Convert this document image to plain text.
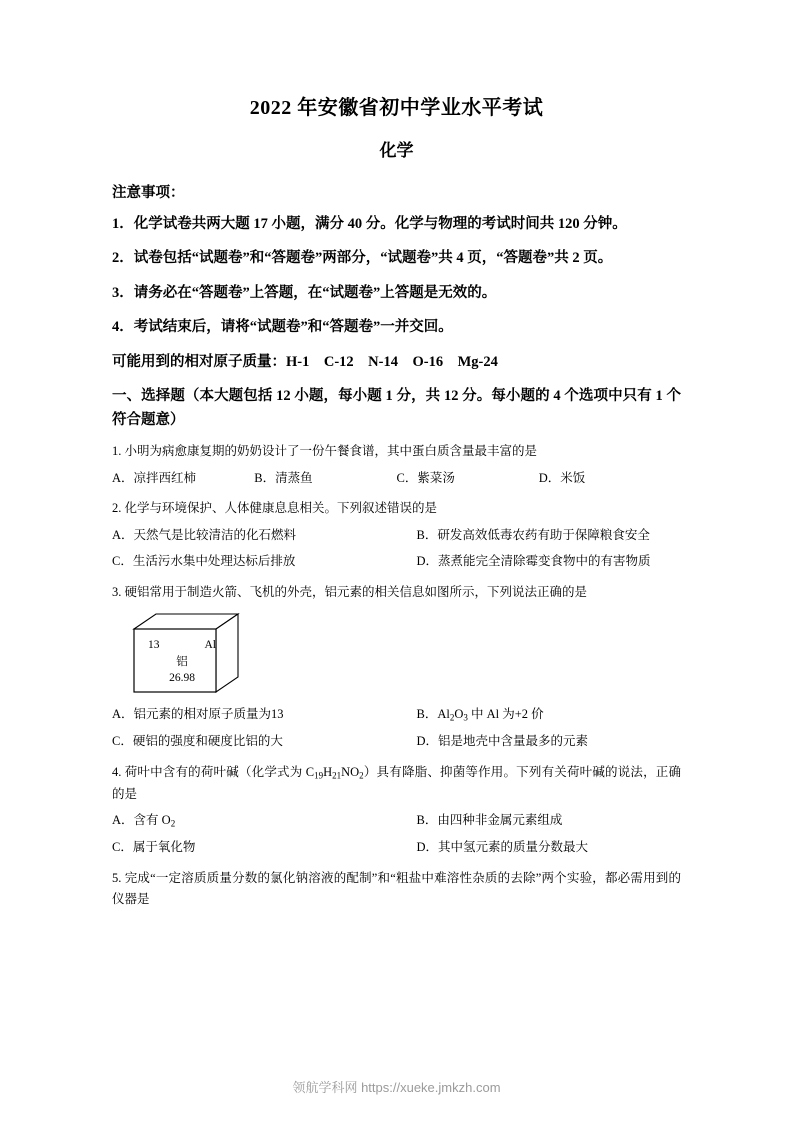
2022 年安徽省初中学业水平考试
化学
注意事项：
1．化学试卷共两大题 17 小题，满分 40 分。化学与物理的考试时间共 120 分钟。
2．试卷包括“试题卷”和“答题卷”两部分，“试题卷”共 4 页，“答题卷”共 2 页。
3．请务必在“答题卷”上答题，在“试题卷”上答题是无效的。
4．考试结束后，请将“试题卷”和“答题卷”一并交回。
可能用到的相对原子质量：H-1　C-12　N-14　O-16　Mg-24
一、选择题（本大题包括 12 小题，每小题 1 分，共 12 分。每小题的 4 个选项中只有 1 个符合题意）
1. 小明为病愈康复期的奶奶设计了一份午餐食谱，其中蛋白质含量最丰富的是
A．凉拌西红柿	B．清蒸鱼	C．紫菜汤	D．米饭
2. 化学与环境保护、人体健康息息相关。下列叙述错误的是
A．天然气是比较清洁的化石燃料	B．研发高效低毒农药有助于保障粮食安全
C．生活污水集中处理达标后排放	D．蒸煮能完全清除霉变食物中的有害物质
3. 硬铝常用于制造火箭、飞机的外壳，铝元素的相关信息如图所示，下列说法正确的是
13	Al
铝
26.98
A．铝元素的相对原子质量为13	B．$Al_2O_3$ 中 Al 为+2 价
C．硬铝的强度和硬度比铝的大	D．铝是地壳中含量最多的元素
4. 荷叶中含有的荷叶碱（化学式为 $C_{19}H_{21}NO_2$）具有降脂、抑菌等作用。下列有关荷叶碱的说法，正确的是
A．含有 $O_2$	B．由四种非金属元素组成
C．属于氧化物	D．其中氢元素的质量分数最大
5. 完成“一定溶质质量分数的氯化钠溶液的配制”和“粗盐中难溶性杂质的去除”两个实验，都必需用到的仪器是
领航学科网 https://xueke.jmkzh.com
